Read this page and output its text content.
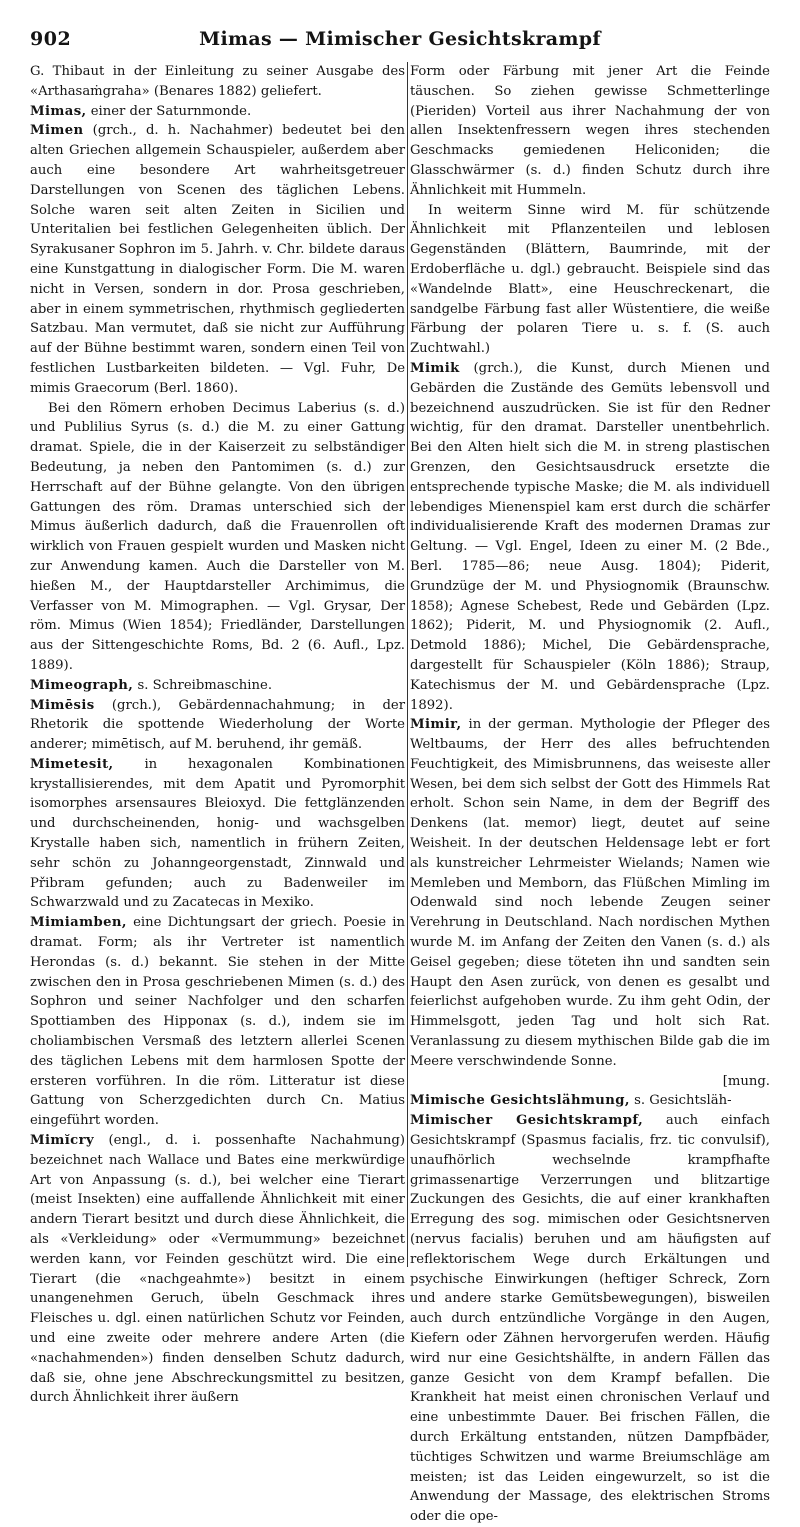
902	Mimas — Mimischer Gesichtskrampf

G. Thibaut in der Einleitung zu seiner Ausgabe des «Arthasaṁgraha» (Benares 1882) geliefert.

Mimas, einer der Saturnmonde.

Mimen (grch., d. h. Nachahmer) bedeutet bei den alten Griechen allgemein Schauspieler, außerdem aber auch eine besondere Art wahrheitsgetreuer Darstellungen von Scenen des täglichen Lebens. Solche waren seit alten Zeiten in Sicilien und Unteritalien bei festlichen Gelegenheiten üblich. Der Syrakusaner Sophron im 5. Jahrh. v. Chr. bildete daraus eine Kunstgattung in dialogischer Form. Die M. waren nicht in Versen, sondern in dor. Prosa geschrieben, aber in einem symmetrischen, rhythmisch gegliederten Satzbau. Man vermutet, daß sie nicht zur Aufführung auf der Bühne bestimmt waren, sondern einen Teil von festlichen Lustbarkeiten bildeten. — Vgl. Fuhr, De mimis Graecorum (Berl. 1860).

Bei den Römern erhoben Decimus Laberius (s. d.) und Publilius Syrus (s. d.) die M. zu einer Gattung dramat. Spiele, die in der Kaiserzeit zu selbständiger Bedeutung, ja neben den Pantomimen (s. d.) zur Herrschaft auf der Bühne gelangte. Von den übrigen Gattungen des röm. Dramas unterschied sich der Mimus äußerlich dadurch, daß die Frauenrollen oft wirklich von Frauen gespielt wurden und Masken nicht zur Anwendung kamen. Auch die Darsteller von M. hießen M., der Hauptdarsteller Archimimus, die Verfasser von M. Mimographen. — Vgl. Grysar, Der röm. Mimus (Wien 1854); Friedländer, Darstellungen aus der Sittengeschichte Roms, Bd. 2 (6. Aufl., Lpz. 1889).

Mimeograph, s. Schreibmaschine.

Mimēsis (grch.), Gebärdennachahmung; in der Rhetorik die spottende Wiederholung der Worte anderer; mimētisch, auf M. beruhend, ihr gemäß.

Mimetesit, in hexagonalen Kombinationen krystallisierendes, mit dem Apatit und Pyromorphit isomorphes arsensaures Bleioxyd. Die fettglänzenden und durchscheinenden, honig- und wachsgelben Krystalle haben sich, namentlich in frühern Zeiten, sehr schön zu Johanngeorgenstadt, Zinnwald und Přibram gefunden; auch zu Badenweiler im Schwarzwald und zu Zacatecas in Mexiko.

Mimiamben, eine Dichtungsart der griech. Poesie in dramat. Form; als ihr Vertreter ist namentlich Herondas (s. d.) bekannt. Sie stehen in der Mitte zwischen den in Prosa geschriebenen Mimen (s. d.) des Sophron und seiner Nachfolger und den scharfen Spottiamben des Hipponax (s. d.), indem sie im choliambischen Versmaß des letztern allerlei Scenen des täglichen Lebens mit dem harmlosen Spotte der ersteren vorführen. In die röm. Litteratur ist diese Gattung von Scherzgedichten durch Cn. Matius eingeführt worden.

Mimĭcry (engl., d. i. possenhafte Nachahmung) bezeichnet nach Wallace und Bates eine merkwürdige Art von Anpassung (s. d.), bei welcher eine Tierart (meist Insekten) eine auffallende Ähnlichkeit mit einer andern Tierart besitzt und durch diese Ähnlichkeit, die als «Verkleidung» oder «Vermummung» bezeichnet werden kann, vor Feinden geschützt wird. Die eine Tierart (die «nachgeahmte») besitzt in einem unangenehmen Geruch, übeln Geschmack ihres Fleisches u. dgl. einen natürlichen Schutz vor Feinden, und eine zweite oder mehrere andere Arten (die «nachahmenden») finden denselben Schutz dadurch, daß sie, ohne jene Abschreckungsmittel zu besitzen, durch Ähnlichkeit ihrer äußern

Form oder Färbung mit jener Art die Feinde täuschen. So ziehen gewisse Schmetterlinge (Pieriden) Vorteil aus ihrer Nachahmung der von allen Insektenfressern wegen ihres stechenden Geschmacks gemiedenen Heliconiden; die Glasschwärmer (s. d.) finden Schutz durch ihre Ähnlichkeit mit Hummeln.

In weiterm Sinne wird M. für schützende Ähnlichkeit mit Pflanzenteilen und leblosen Gegenständen (Blättern, Baumrinde, mit der Erdoberfläche u. dgl.) gebraucht. Beispiele sind das «Wandelnde Blatt», eine Heuschreckenart, die sandgelbe Färbung fast aller Wüstentiere, die weiße Färbung der polaren Tiere u. s. f. (S. auch Zuchtwahl.)

Mimik (grch.), die Kunst, durch Mienen und Gebärden die Zustände des Gemüts lebensvoll und bezeichnend auszudrücken. Sie ist für den Redner wichtig, für den dramat. Darsteller unentbehrlich. Bei den Alten hielt sich die M. in streng plastischen Grenzen, den Gesichtsausdruck ersetzte die entsprechende typische Maske; die M. als individuell lebendiges Mienenspiel kam erst durch die schärfer individualisierende Kraft des modernen Dramas zur Geltung. — Vgl. Engel, Ideen zu einer M. (2 Bde., Berl. 1785—86; neue Ausg. 1804); Piderit, Grundzüge der M. und Physiognomik (Braunschw. 1858); Agnese Schebest, Rede und Gebärden (Lpz. 1862); Piderit, M. und Physiognomik (2. Aufl., Detmold 1886); Michel, Die Gebärdensprache, dargestellt für Schauspieler (Köln 1886); Straup, Katechismus der M. und Gebärdensprache (Lpz. 1892).

Mimir, in der german. Mythologie der Pfleger des Weltbaums, der Herr des alles befruchtenden Feuchtigkeit, des Mimisbrunnens, das weiseste aller Wesen, bei dem sich selbst der Gott des Himmels Rat erholt. Schon sein Name, in dem der Begriff des Denkens (lat. memor) liegt, deutet auf seine Weisheit. In der deutschen Heldensage lebt er fort als kunstreicher Lehrmeister Wielands; Namen wie Memleben und Memborn, das Flüßchen Mimling im Odenwald sind noch lebende Zeugen seiner Verehrung in Deutschland. Nach nordischen Mythen wurde M. im Anfang der Zeiten den Vanen (s. d.) als Geisel gegeben; diese töteten ihn und sandten sein Haupt den Asen zurück, von denen es gesalbt und feierlichst aufgehoben wurde. Zu ihm geht Odin, der Himmelsgott, jeden Tag und holt sich Rat. Veranlassung zu diesem mythischen Bilde gab die im Meere verschwindende Sonne.

[mung.

Mimische Gesichtslähmung, s. Gesichtsläh-

Mimischer Gesichtskrampf, auch einfach Gesichtskrampf (Spasmus facialis, frz. tic convulsif), unaufhörlich wechselnde krampfhafte grimassenartige Verzerrungen und blitzartige Zuckungen des Gesichts, die auf einer krankhaften Erregung des sog. mimischen oder Gesichtsnerven (nervus facialis) beruhen und am häufigsten auf reflektorischem Wege durch Erkältungen und psychische Einwirkungen (heftiger Schreck, Zorn und andere starke Gemütsbewegungen), bisweilen auch durch entzündliche Vorgänge in den Augen, Kiefern oder Zähnen hervorgerufen werden. Häufig wird nur eine Gesichtshälfte, in andern Fällen das ganze Gesicht von dem Krampf befallen. Die Krankheit hat meist einen chronischen Verlauf und eine unbestimmte Dauer. Bei frischen Fällen, die durch Erkältung entstanden, nützen Dampfbäder, tüchtiges Schwitzen und warme Breiumschläge am meisten; ist das Leiden eingewurzelt, so ist die Anwendung der Massage, des elektrischen Stroms oder die ope-
